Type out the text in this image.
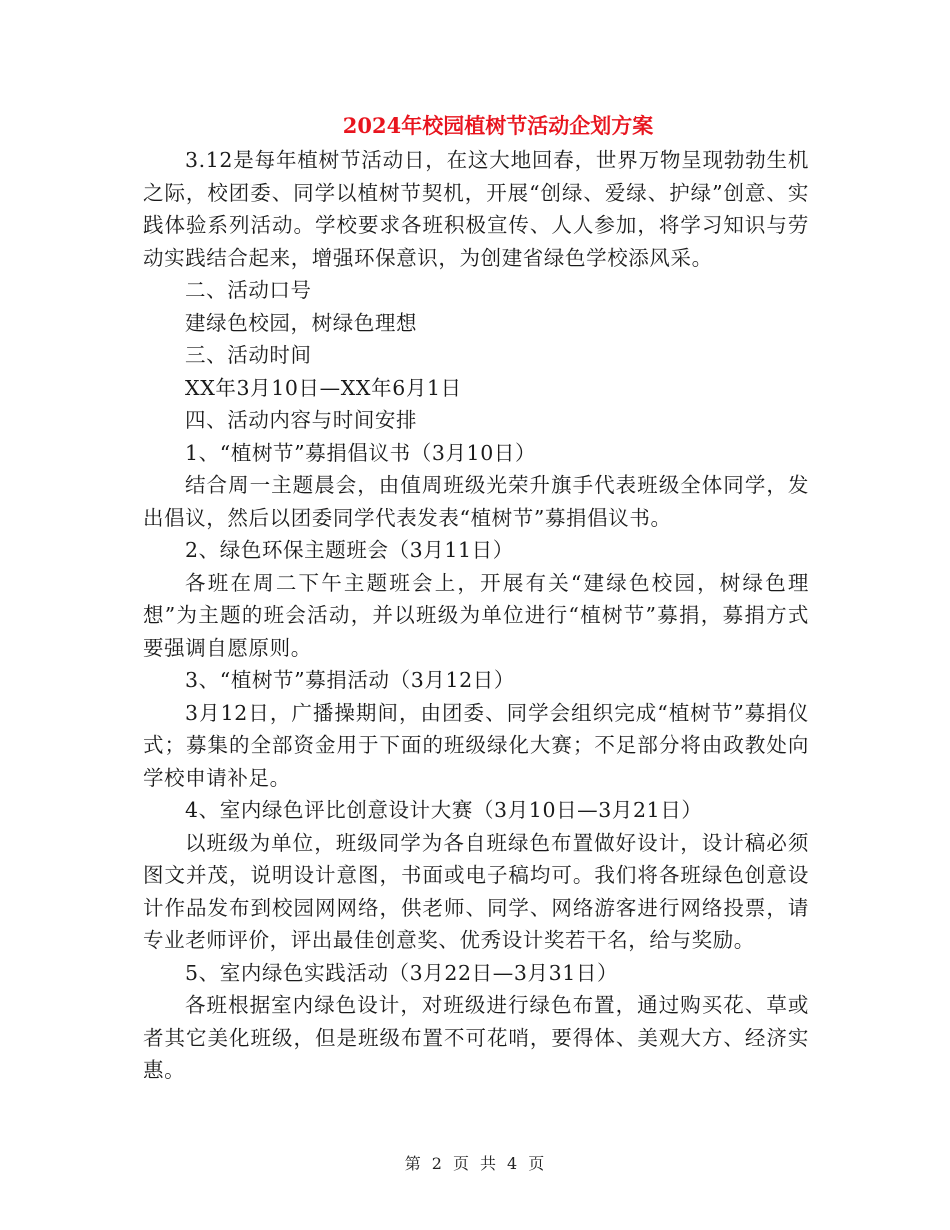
2024年校园植树节活动企划方案

3.12是每年植树节活动日，在这大地回春，世界万物呈现勃勃生机之际，校团委、同学以植树节契机，开展“创绿、爱绿、护绿”创意、实践体验系列活动。学校要求各班积极宣传、人人参加，将学习知识与劳动实践结合起来，增强环保意识，为创建省绿色学校添风采。

二、活动口号

建绿色校园，树绿色理想

三、活动时间

XX年3月10日—XX年6月1日

四、活动内容与时间安排

1、“植树节”募捐倡议书（3月10日）

结合周一主题晨会，由值周班级光荣升旗手代表班级全体同学，发出倡议，然后以团委同学代表发表“植树节”募捐倡议书。

2、绿色环保主题班会（3月11日）

各班在周二下午主题班会上，开展有关“建绿色校园，树绿色理想”为主题的班会活动，并以班级为单位进行“植树节”募捐，募捐方式要强调自愿原则。

3、“植树节”募捐活动（3月12日）

3月12日，广播操期间，由团委、同学会组织完成“植树节”募捐仪式；募集的全部资金用于下面的班级绿化大赛；不足部分将由政教处向学校申请补足。

4、室内绿色评比创意设计大赛（3月10日—3月21日）

以班级为单位，班级同学为各自班绿色布置做好设计，设计稿必须图文并茂，说明设计意图，书面或电子稿均可。我们将各班绿色创意设计作品发布到校园网网络，供老师、同学、网络游客进行网络投票，请专业老师评价，评出最佳创意奖、优秀设计奖若干名，给与奖励。

5、室内绿色实践活动（3月22日—3月31日）

各班根据室内绿色设计，对班级进行绿色布置，通过购买花、草或者其它美化班级，但是班级布置不可花哨，要得体、美观大方、经济实惠。

第 2 页 共 4 页
